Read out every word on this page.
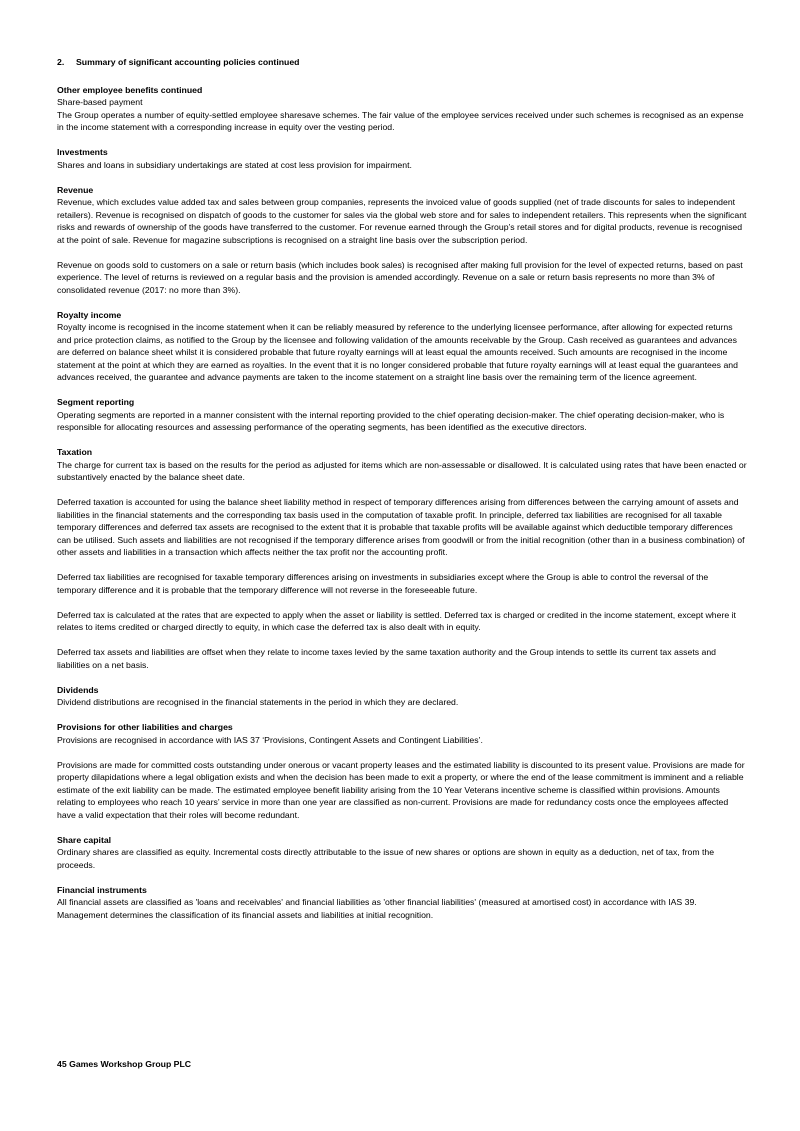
2. Summary of significant accounting policies continued
Other employee benefits continued
Share-based payment
The Group operates a number of equity-settled employee sharesave schemes. The fair value of the employee services received under such schemes is recognised as an expense in the income statement with a corresponding increase in equity over the vesting period.
Investments
Shares and loans in subsidiary undertakings are stated at cost less provision for impairment.
Revenue
Revenue, which excludes value added tax and sales between group companies, represents the invoiced value of goods supplied (net of trade discounts for sales to independent retailers). Revenue is recognised on dispatch of goods to the customer for sales via the global web store and for sales to independent retailers. This represents when the significant risks and rewards of ownership of the goods have transferred to the customer. For revenue earned through the Group’s retail stores and for digital products, revenue is recognised at the point of sale. Revenue for magazine subscriptions is recognised on a straight line basis over the subscription period.
Revenue on goods sold to customers on a sale or return basis (which includes book sales) is recognised after making full provision for the level of expected returns, based on past experience. The level of returns is reviewed on a regular basis and the provision is amended accordingly. Revenue on a sale or return basis represents no more than 3% of consolidated revenue (2017: no more than 3%).
Royalty income
Royalty income is recognised in the income statement when it can be reliably measured by reference to the underlying licensee performance, after allowing for expected returns and price protection claims, as notified to the Group by the licensee and following validation of the amounts receivable by the Group. Cash received as guarantees and advances are deferred on balance sheet whilst it is considered probable that future royalty earnings will at least equal the amounts received. Such amounts are recognised in the income statement at the point at which they are earned as royalties. In the event that it is no longer considered probable that future royalty earnings will at least equal the guarantees and advances received, the guarantee and advance payments are taken to the income statement on a straight line basis over the remaining term of the licence agreement.
Segment reporting
Operating segments are reported in a manner consistent with the internal reporting provided to the chief operating decision-maker. The chief operating decision-maker, who is responsible for allocating resources and assessing performance of the operating segments, has been identified as the executive directors.
Taxation
The charge for current tax is based on the results for the period as adjusted for items which are non-assessable or disallowed. It is calculated using rates that have been enacted or substantively enacted by the balance sheet date.
Deferred taxation is accounted for using the balance sheet liability method in respect of temporary differences arising from differences between the carrying amount of assets and liabilities in the financial statements and the corresponding tax basis used in the computation of taxable profit. In principle, deferred tax liabilities are recognised for all taxable temporary differences and deferred tax assets are recognised to the extent that it is probable that taxable profits will be available against which deductible temporary differences can be utilised. Such assets and liabilities are not recognised if the temporary difference arises from goodwill or from the initial recognition (other than in a business combination) of other assets and liabilities in a transaction which affects neither the tax profit nor the accounting profit.
Deferred tax liabilities are recognised for taxable temporary differences arising on investments in subsidiaries except where the Group is able to control the reversal of the temporary difference and it is probable that the temporary difference will not reverse in the foreseeable future.
Deferred tax is calculated at the rates that are expected to apply when the asset or liability is settled. Deferred tax is charged or credited in the income statement, except where it relates to items credited or charged directly to equity, in which case the deferred tax is also dealt with in equity.
Deferred tax assets and liabilities are offset when they relate to income taxes levied by the same taxation authority and the Group intends to settle its current tax assets and liabilities on a net basis.
Dividends
Dividend distributions are recognised in the financial statements in the period in which they are declared.
Provisions for other liabilities and charges
Provisions are recognised in accordance with IAS 37 ‘Provisions, Contingent Assets and Contingent Liabilities’.
Provisions are made for committed costs outstanding under onerous or vacant property leases and the estimated liability is discounted to its present value. Provisions are made for property dilapidations where a legal obligation exists and when the decision has been made to exit a property, or where the end of the lease commitment is imminent and a reliable estimate of the exit liability can be made. The estimated employee benefit liability arising from the 10 Year Veterans incentive scheme is classified within provisions. Amounts relating to employees who reach 10 years’ service in more than one year are classified as non-current. Provisions are made for redundancy costs once the employees affected have a valid expectation that their roles will become redundant.
Share capital
Ordinary shares are classified as equity. Incremental costs directly attributable to the issue of new shares or options are shown in equity as a deduction, net of tax, from the proceeds.
Financial instruments
All financial assets are classified as 'loans and receivables' and financial liabilities as 'other financial liabilities' (measured at amortised cost) in accordance with IAS 39. Management determines the classification of its financial assets and liabilities at initial recognition.
45 Games Workshop Group PLC
